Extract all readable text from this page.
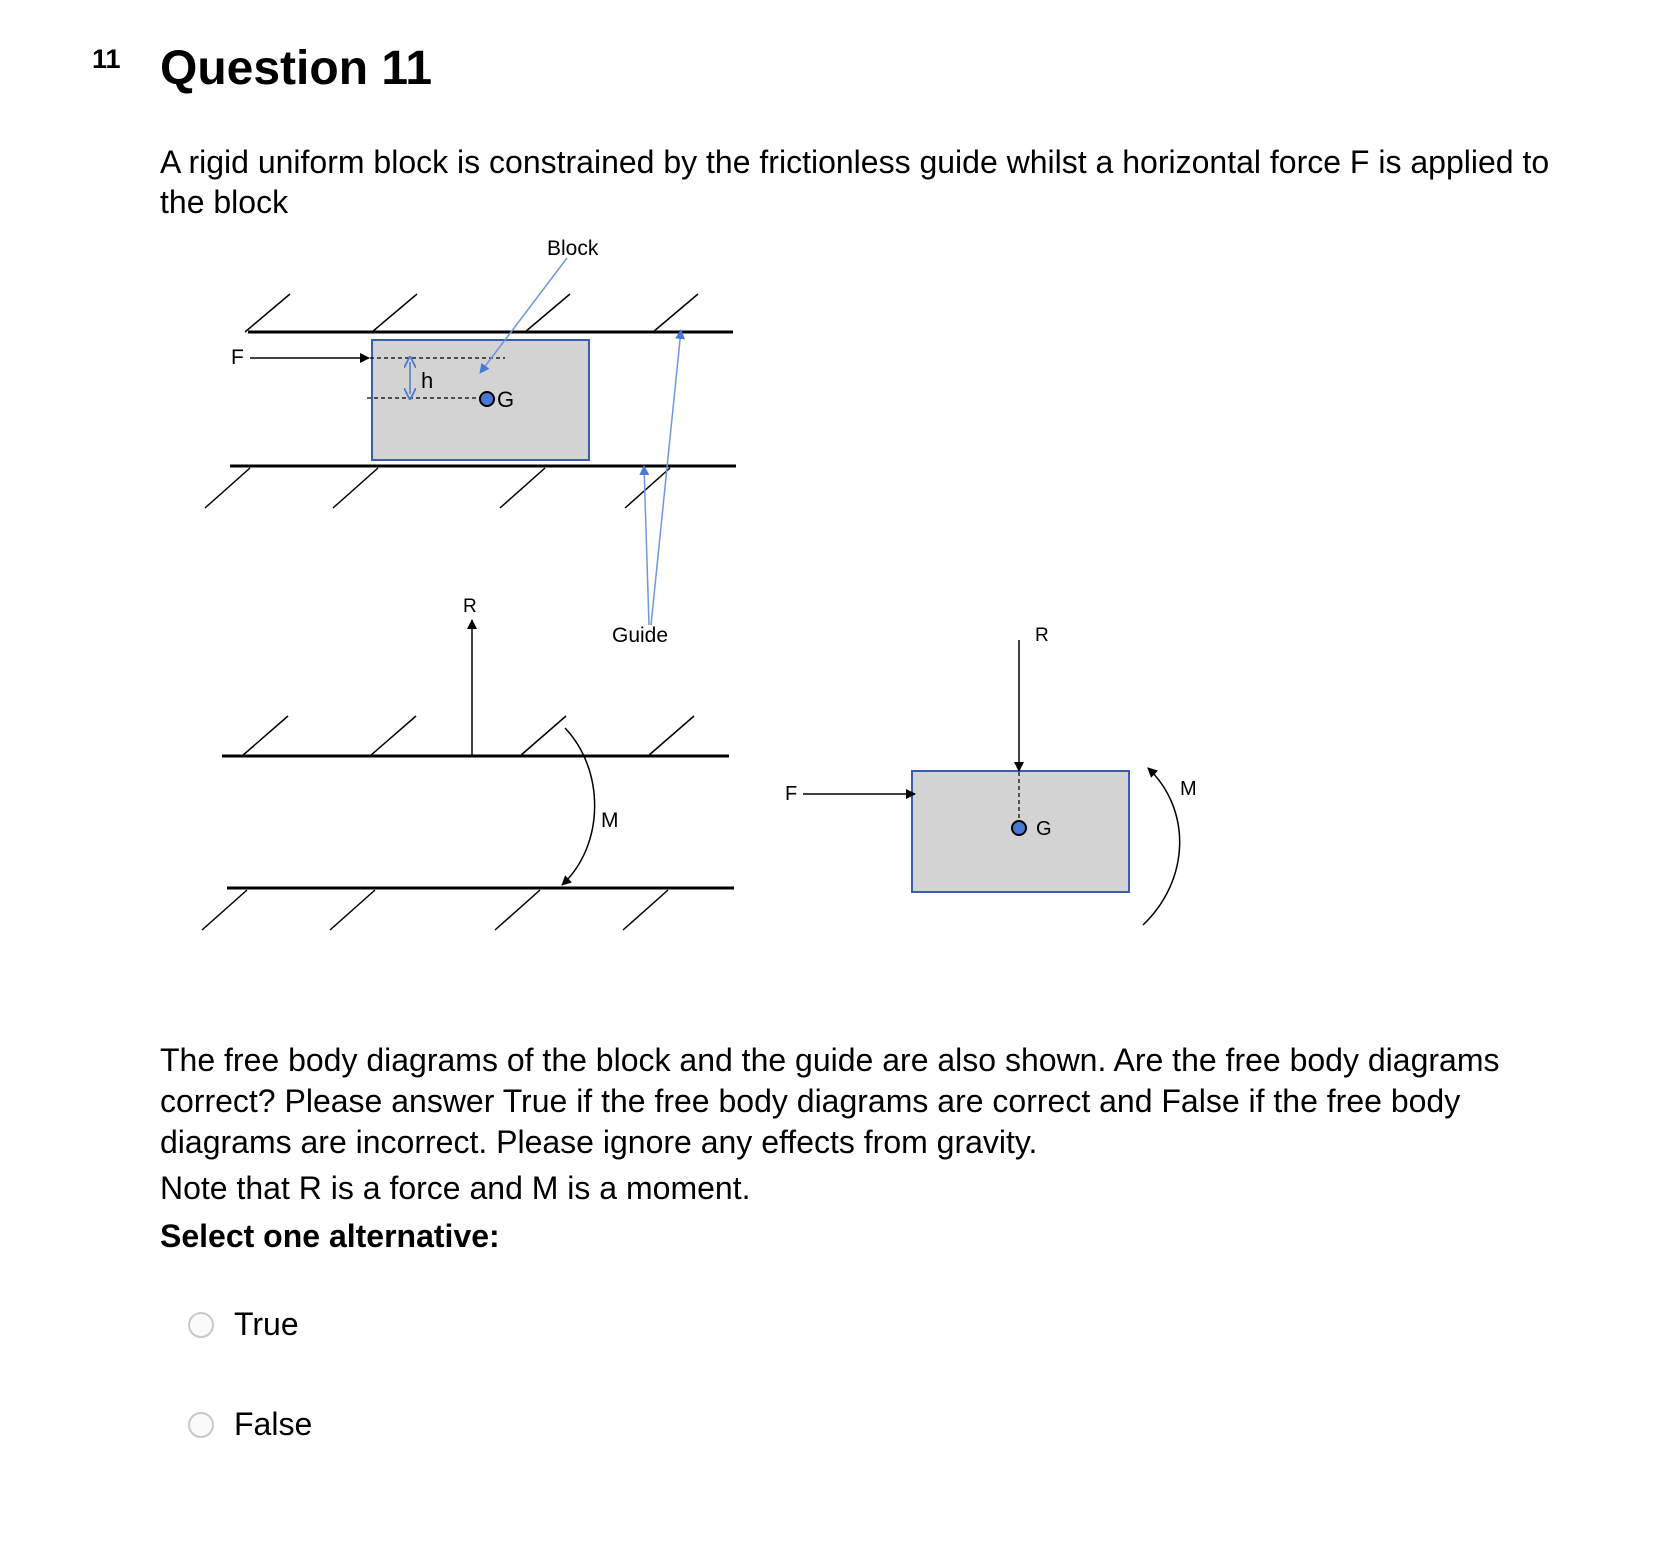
11 Question 11

A rigid uniform block is constrained by the frictionless guide whilst a horizontal force F is applied to the block

h
G
F
Block
Guide
R
M
F
R
G
M

The free body diagrams of the block and the guide are also shown. Are the free body diagrams correct? Please answer True if the free body diagrams are correct and False if the free body diagrams are incorrect. Please ignore any effects from gravity.

Note that R is a force and M is a moment.

Select one alternative:

True
False
